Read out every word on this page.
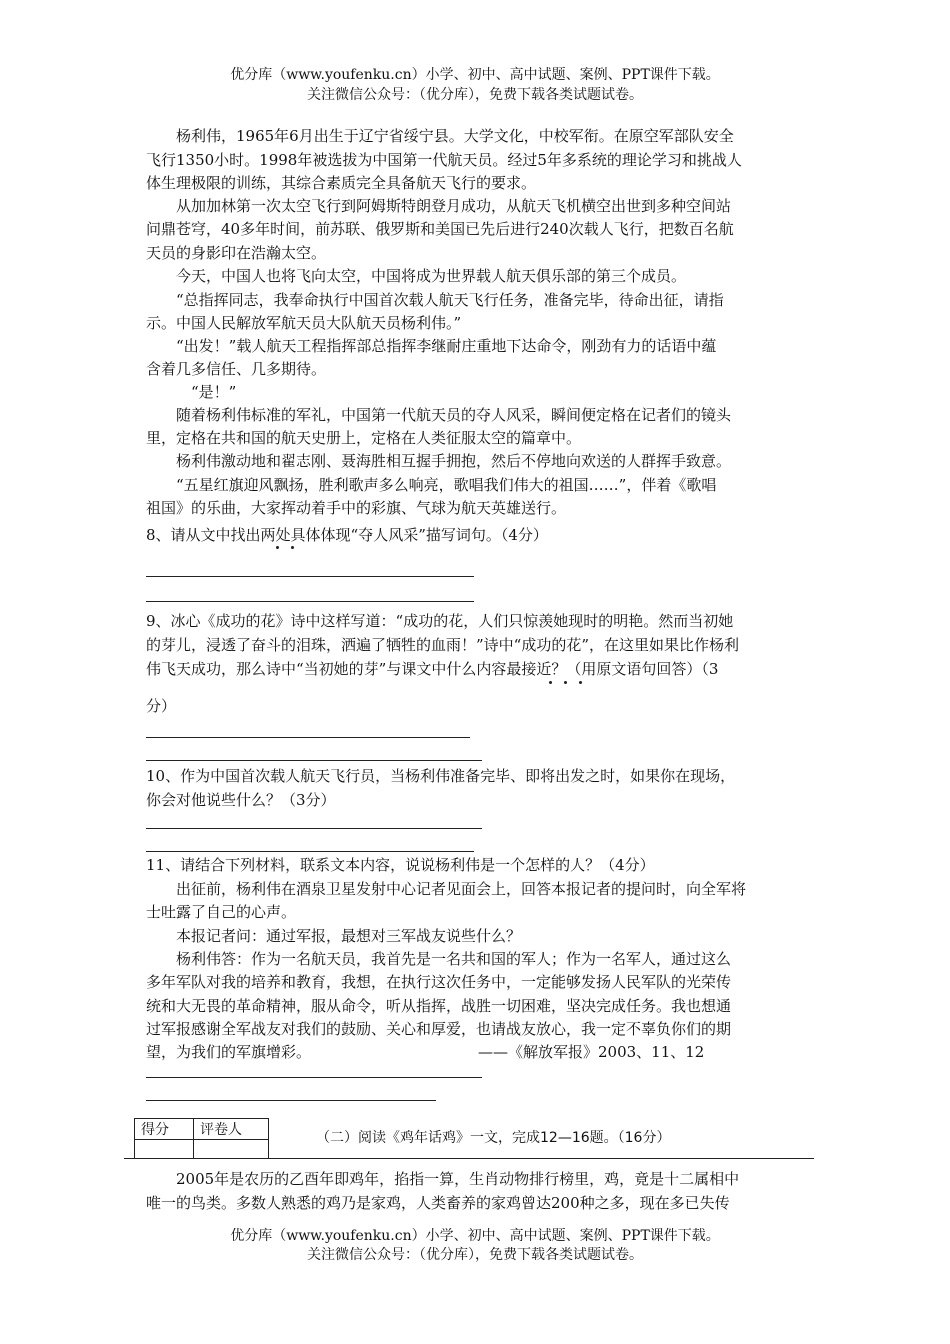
优分库（www.youfenku.cn）小学、初中、高中试题、案例、PPT课件下载。
关注微信公众号：（优分库），免费下载各类试题试卷。
　　杨利伟，1965年6月出生于辽宁省绥宁县。大学文化，中校军衔。在原空军部队安全
飞行1350小时。1998年被选拔为中国第一代航天员。经过5年多系统的理论学习和挑战人
体生理极限的训练，其综合素质完全具备航天飞行的要求。
　　从加加林第一次太空飞行到阿姆斯特朗登月成功，从航天飞机横空出世到多种空间站
问鼎苍穹，40多年时间，前苏联、俄罗斯和美国已先后进行240次载人飞行，把数百名航
天员的身影印在浩瀚太空。
　　今天，中国人也将飞向太空，中国将成为世界载人航天俱乐部的第三个成员。
　　“总指挥同志，我奉命执行中国首次载人航天飞行任务，准备完毕，待命出征，请指
示。中国人民解放军航天员大队航天员杨利伟。”
　　“出发！”载人航天工程指挥部总指挥李继耐庄重地下达命令，刚劲有力的话语中蕴
含着几多信任、几多期待。
　　　“是！”
　　随着杨利伟标准的军礼，中国第一代航天员的夺人风采，瞬间便定格在记者们的镜头
里，定格在共和国的航天史册上，定格在人类征服太空的篇章中。
　　杨利伟激动地和翟志刚、聂海胜相互握手拥抱，然后不停地向欢送的人群挥手致意。
　　“五星红旗迎风飘扬，胜利歌声多么响亮，歌唱我们伟大的祖国……”，伴着《歌唱
祖国》的乐曲，大家挥动着手中的彩旗、气球为航天英雄送行。
8、请从文中找出两处具体体现“夺人风采”描写词句。（4分）
9、冰心《成功的花》诗中这样写道：“成功的花，人们只惊羡她现时的明艳。然而当初她
的芽儿，浸透了奋斗的泪珠，洒遍了牺牲的血雨！”诗中“成功的花”，在这里如果比作杨利
伟飞天成功，那么诗中“当初她的芽”与课文中什么内容最接近？（用原文语句回答）（3
分）
10、作为中国首次载人航天飞行员，当杨利伟准备完毕、即将出发之时，如果你在现场，
你会对他说些什么？（3分）
11、请结合下列材料，联系文本内容，说说杨利伟是一个怎样的人？（4分）
　　出征前，杨利伟在酒泉卫星发射中心记者见面会上，回答本报记者的提问时，向全军将
士吐露了自己的心声。
　　本报记者问：通过军报，最想对三军战友说些什么？
　　杨利伟答：作为一名航天员，我首先是一名共和国的军人；作为一名军人，通过这么
多年军队对我的培养和教育，我想，在执行这次任务中，一定能够发扬人民军队的光荣传
统和大无畏的革命精神，服从命令，听从指挥，战胜一切困难，坚决完成任务。我也想通
过军报感谢全军战友对我们的鼓励、关心和厚爱，也请战友放心，我一定不辜负你们的期
望，为我们的军旗增彩。	——《解放军报》2003、11、12
得分	评卷人
		（二）阅读《鸡年话鸡》一文，完成12—16题。（16分）
　　2005年是农历的乙酉年即鸡年，掐指一算，生肖动物排行榜里，鸡，竟是十二属相中
唯一的鸟类。多数人熟悉的鸡乃是家鸡，人类畜养的家鸡曾达200种之多，现在多已失传
优分库（www.youfenku.cn）小学、初中、高中试题、案例、PPT课件下载。
关注微信公众号：（优分库），免费下载各类试题试卷。
